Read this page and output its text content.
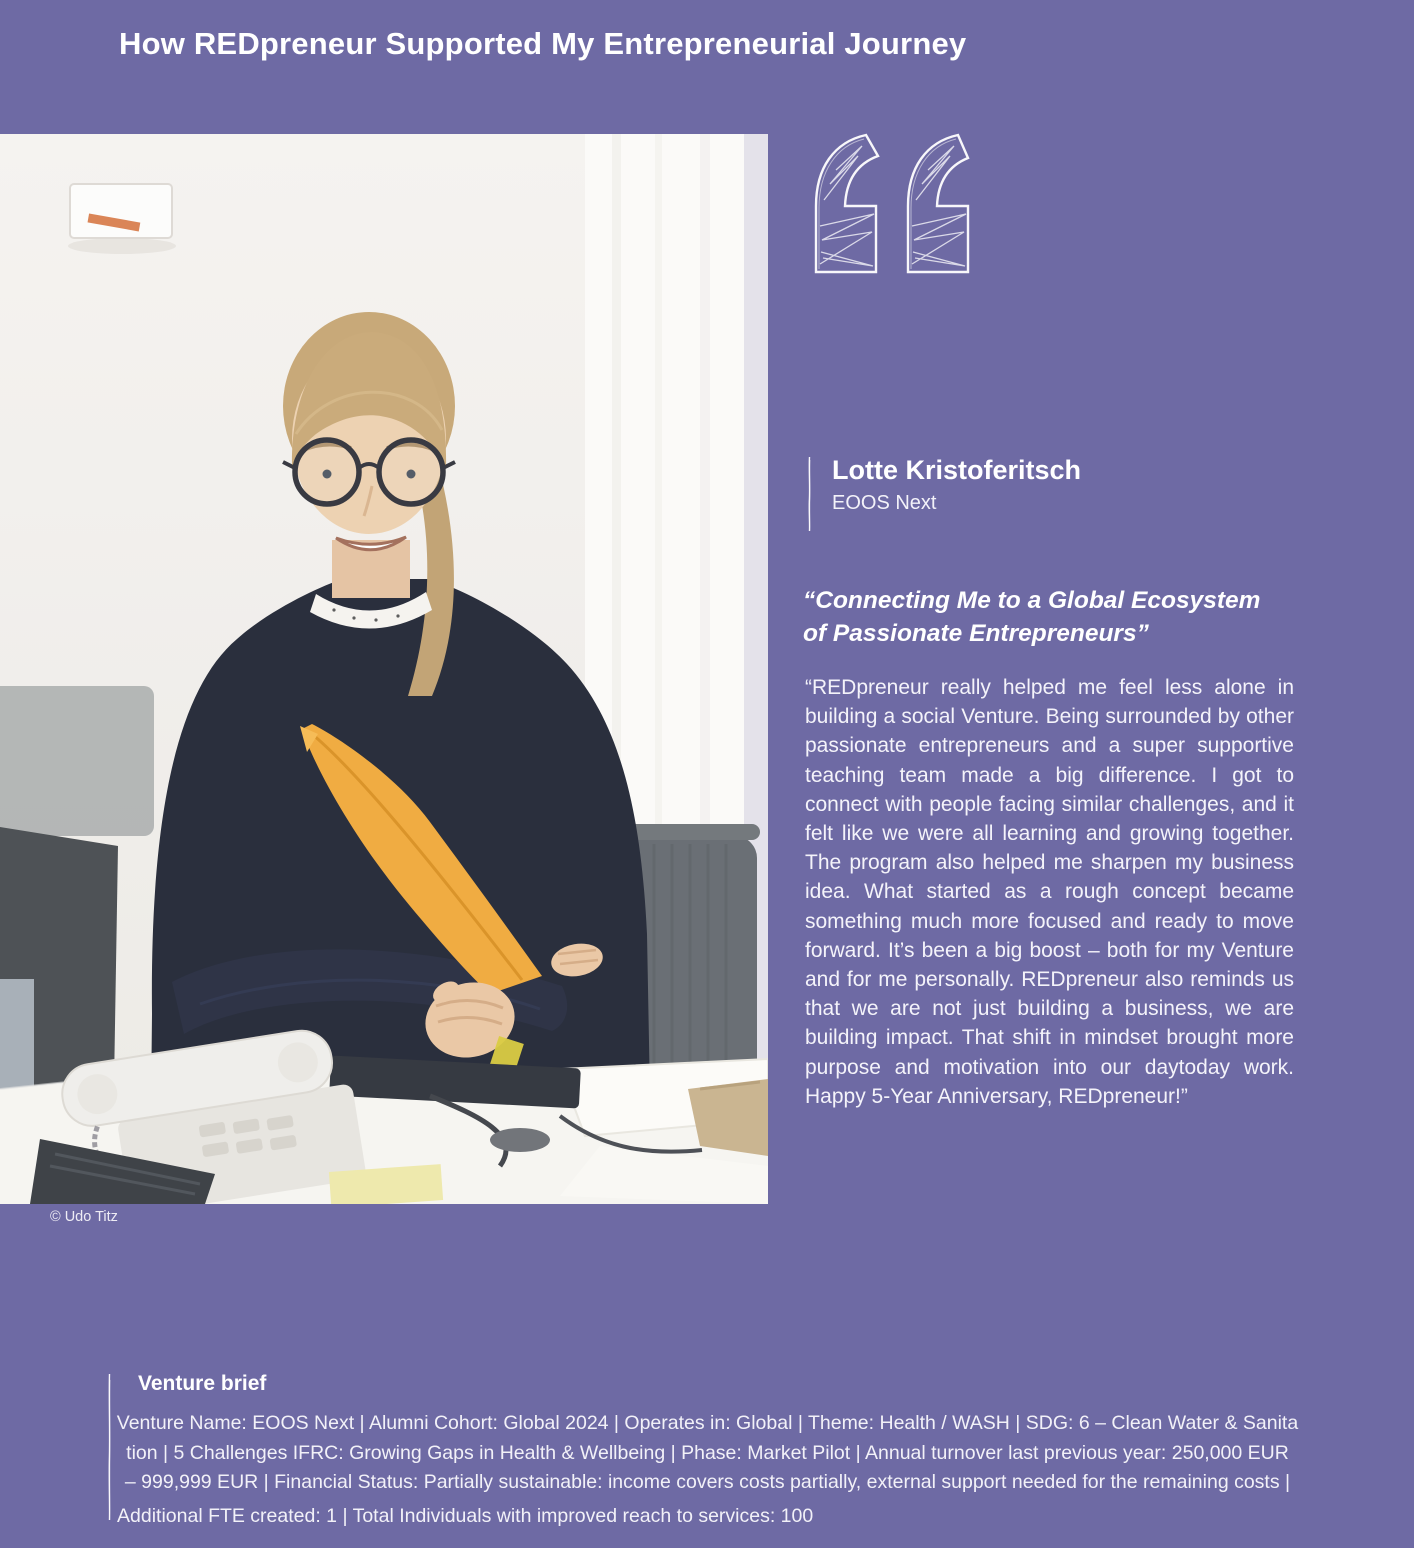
How REDpreneur Supported My Entrepreneurial Journey
© Udo Titz
Lotte Kristoferitsch
EOOS Next
“Connecting Me to a Global Ecosystem
of Passionate Entrepreneurs”
“REDpreneur really helped me feel less alone in building a social Venture. Being surrounded by other passionate entrepreneurs and a super supportive teaching team made a big difference. I got to connect with people facing similar challenges, and it felt like we were all learning and growing together. The program also helped me sharpen my business idea. What started as a rough concept became something much more focused and ready to move forward. It’s been a big boost – both for my Venture and for me personally. REDpreneur also reminds us that we are not just building a business, we are building impact. That shift in mindset brought more purpose and motivation into our daytoday work. Happy 5-Year Anniversary, REDpreneur!”
Venture brief
Venture Name: EOOS Next | Alumni Cohort: Global 2024 | Operates in: Global | Theme: Health / WASH | SDG: 6 – Clean Water & Sanita
tion | 5 Challenges IFRC: Growing Gaps in Health & Wellbeing | Phase: Market Pilot | Annual turnover last previous year: 250,000 EUR
– 999,999 EUR | Financial Status: Partially sustainable: income covers costs partially, external support needed for the remaining costs |
Additional FTE created: 1 | Total Individuals with improved reach to services: 100
